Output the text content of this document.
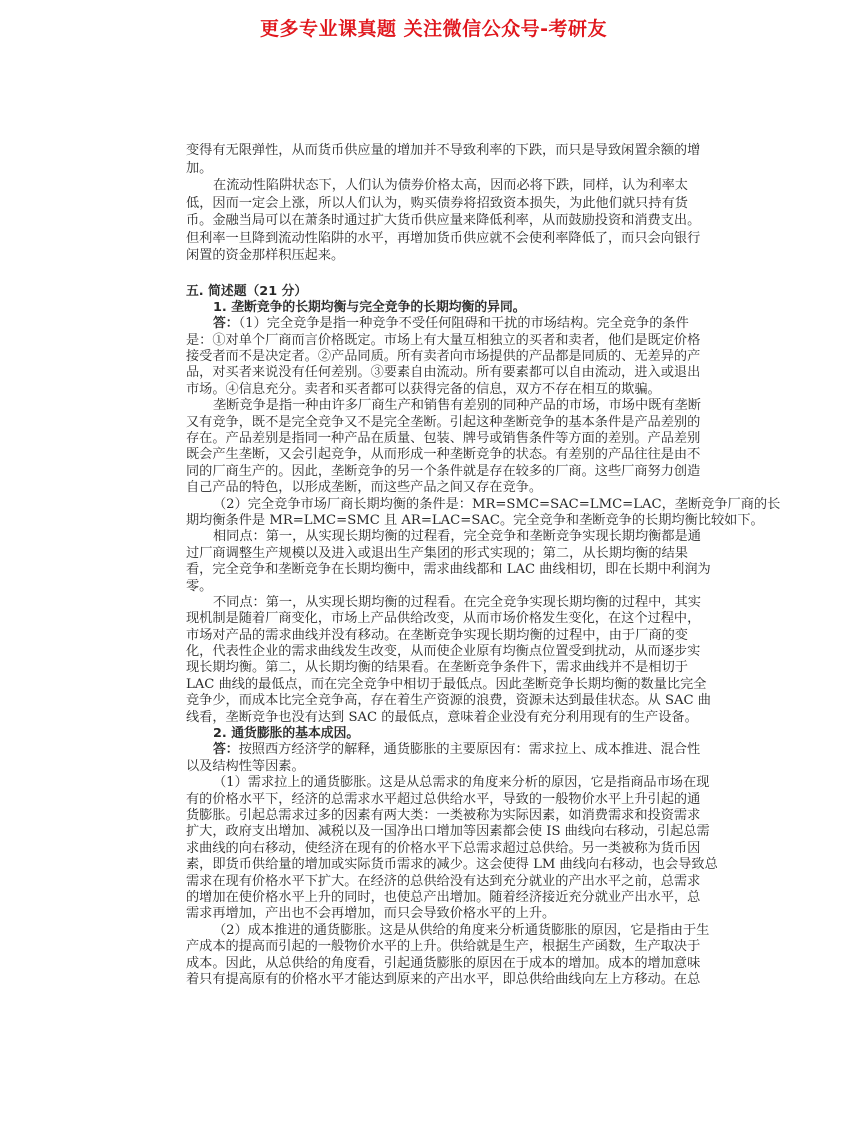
更多专业课真题 关注微信公众号-考研友
变得有无限弹性，从而货币供应量的增加并不导致利率的下跌，而只是导致闲置余额的增
加。
在流动性陷阱状态下，人们认为债券价格太高，因而必将下跌，同样，认为利率太
低，因而一定会上涨，所以人们认为，购买债券将招致资本损失，为此他们就只持有货
币。金融当局可以在萧条时通过扩大货币供应量来降低利率，从而鼓励投资和消费支出。
但利率一旦降到流动性陷阱的水平，再增加货币供应就不会使利率降低了，而只会向银行
闲置的资金那样积压起来。
五. 简述题（21 分）
1. 垄断竞争的长期均衡与完全竞争的长期均衡的异同。
答：（1）完全竞争是指一种竞争不受任何阻碍和干扰的市场结构。完全竞争的条件
是：①对单个厂商而言价格既定。市场上有大量互相独立的买者和卖者，他们是既定价格
接受者而不是决定者。②产品同质。所有卖者向市场提供的产品都是同质的、无差异的产
品，对买者来说没有任何差别。③要素自由流动。所有要素都可以自由流动，进入或退出
市场。④信息充分。卖者和买者都可以获得完备的信息，双方不存在相互的欺骗。
垄断竞争是指一种由许多厂商生产和销售有差别的同种产品的市场，市场中既有垄断
又有竞争，既不是完全竞争又不是完全垄断。引起这种垄断竞争的基本条件是产品差别的
存在。产品差别是指同一种产品在质量、包装、牌号或销售条件等方面的差别。产品差别
既会产生垄断，又会引起竞争，从而形成一种垄断竞争的状态。有差别的产品往往是由不
同的厂商生产的。因此，垄断竞争的另一个条件就是存在较多的厂商。这些厂商努力创造
自己产品的特色，以形成垄断，而这些产品之间又存在竞争。
（2）完全竞争市场厂商长期均衡的条件是：MR=SMC=SAC=LMC=LAC，垄断竞争厂商的长
期均衡条件是 MR=LMC=SMC 且 AR=LAC=SAC。完全竞争和垄断竞争的长期均衡比较如下。
相同点：第一，从实现长期均衡的过程看，完全竞争和垄断竞争实现长期均衡都是通
过厂商调整生产规模以及进入或退出生产集团的形式实现的；第二，从长期均衡的结果
看，完全竞争和垄断竞争在长期均衡中，需求曲线都和 LAC 曲线相切，即在长期中利润为
零。
不同点：第一，从实现长期均衡的过程看。在完全竞争实现长期均衡的过程中，其实
现机制是随着厂商变化，市场上产品供给改变，从而市场价格发生变化，在这个过程中，
市场对产品的需求曲线并没有移动。在垄断竞争实现长期均衡的过程中，由于厂商的变
化，代表性企业的需求曲线发生改变，从而使企业原有均衡点位置受到扰动，从而逐步实
现长期均衡。第二，从长期均衡的结果看。在垄断竞争条件下，需求曲线并不是相切于
LAC 曲线的最低点，而在完全竞争中相切于最低点。因此垄断竞争长期均衡的数量比完全
竞争少，而成本比完全竞争高，存在着生产资源的浪费，资源未达到最佳状态。从 SAC 曲
线看，垄断竞争也没有达到 SAC 的最低点，意味着企业没有充分利用现有的生产设备。
2. 通货膨胀的基本成因。
答：按照西方经济学的解释，通货膨胀的主要原因有：需求拉上、成本推进、混合性
以及结构性等因素。
（1）需求拉上的通货膨胀。这是从总需求的角度来分析的原因，它是指商品市场在现
有的价格水平下，经济的总需求水平超过总供给水平，导致的一般物价水平上升引起的通
货膨胀。引起总需求过多的因素有两大类：一类被称为实际因素，如消费需求和投资需求
扩大，政府支出增加、减税以及一国净出口增加等因素都会使 IS 曲线向右移动，引起总需
求曲线的向右移动，使经济在现有的价格水平下总需求超过总供给。另一类被称为货币因
素，即货币供给量的增加或实际货币需求的减少。这会使得 LM 曲线向右移动，也会导致总
需求在现有价格水平下扩大。在经济的总供给没有达到充分就业的产出水平之前，总需求
的增加在使价格水平上升的同时，也使总产出增加。随着经济接近充分就业产出水平，总
需求再增加，产出也不会再增加，而只会导致价格水平的上升。
（2）成本推进的通货膨胀。这是从供给的角度来分析通货膨胀的原因，它是指由于生
产成本的提高而引起的一般物价水平的上升。供给就是生产，根据生产函数，生产取决于
成本。因此，从总供给的角度看，引起通货膨胀的原因在于成本的增加。成本的增加意味
着只有提高原有的价格水平才能达到原来的产出水平，即总供给曲线向左上方移动。在总
